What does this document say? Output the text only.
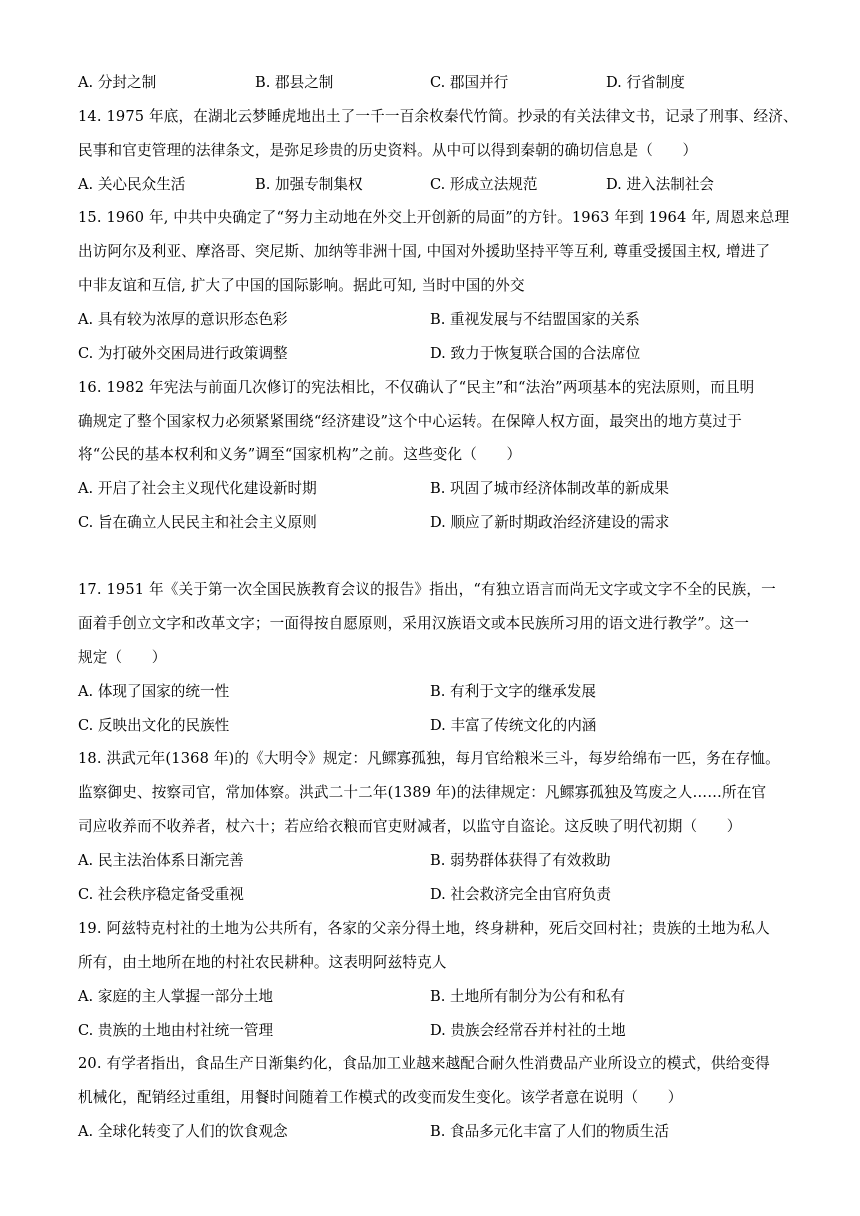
A. 分封之制	B. 郡县之制	C. 郡国并行	D. 行省制度
14. 1975 年底，在湖北云梦睡虎地出土了一千一百余枚秦代竹简。抄录的有关法律文书，记录了刑事、经济、
民事和官吏管理的法律条文，是弥足珍贵的历史资料。从中可以得到秦朝的确切信息是（　　）
A. 关心民众生活	B. 加强专制集权	C. 形成立法规范	D. 进入法制社会
15. 1960 年, 中共中央确定了“努力主动地在外交上开创新的局面”的方针。1963 年到 1964 年, 周恩来总理
出访阿尔及利亚、摩洛哥、突尼斯、加纳等非洲十国, 中国对外援助坚持平等互利, 尊重受援国主权, 增进了
中非友谊和互信, 扩大了中国的国际影响。据此可知, 当时中国的外交
A. 具有较为浓厚的意识形态色彩	B. 重视发展与不结盟国家的关系
C. 为打破外交困局进行政策调整	D. 致力于恢复联合国的合法席位
16. 1982 年宪法与前面几次修订的宪法相比，不仅确认了“民主”和“法治”两项基本的宪法原则，而且明
确规定了整个国家权力必须紧紧围绕“经济建设”这个中心运转。在保障人权方面，最突出的地方莫过于
将“公民的基本权利和义务”调至“国家机构”之前。这些变化（　　）
A. 开启了社会主义现代化建设新时期	B. 巩固了城市经济体制改革的新成果
C. 旨在确立人民民主和社会主义原则	D. 顺应了新时期政治经济建设的需求
17. 1951 年《关于第一次全国民族教育会议的报告》指出，“有独立语言而尚无文字或文字不全的民族，一
面着手创立文字和改革文字；一面得按自愿原则，采用汉族语文或本民族所习用的语文进行教学”。这一
规定（　　）
A. 体现了国家的统一性	B. 有利于文字的继承发展
C. 反映出文化的民族性	D. 丰富了传统文化的内涵
18. 洪武元年(1368 年)的《大明令》规定：凡鳏寡孤独，每月官给粮米三斗，每岁给绵布一匹，务在存恤。
监察御史、按察司官，常加体察。洪武二十二年(1389 年)的法律规定：凡鳏寡孤独及笃废之人……所在官
司应收养而不收养者，杖六十；若应给衣粮而官吏财减者，以监守自盗论。这反映了明代初期（　　）
A. 民主法治体系日渐完善	B. 弱势群体获得了有效救助
C. 社会秩序稳定备受重视	D. 社会救济完全由官府负责
19. 阿兹特克村社的土地为公共所有，各家的父亲分得土地，终身耕种，死后交回村社；贵族的土地为私人
所有，由土地所在地的村社农民耕种。这表明阿兹特克人
A. 家庭的主人掌握一部分土地	B. 土地所有制分为公有和私有
C. 贵族的土地由村社统一管理	D. 贵族会经常吞并村社的土地
20. 有学者指出，食品生产日渐集约化，食品加工业越来越配合耐久性消费品产业所设立的模式，供给变得
机械化，配销经过重组，用餐时间随着工作模式的改变而发生变化。该学者意在说明（　　）
A. 全球化转变了人们的饮食观念	B. 食品多元化丰富了人们的物质生活
